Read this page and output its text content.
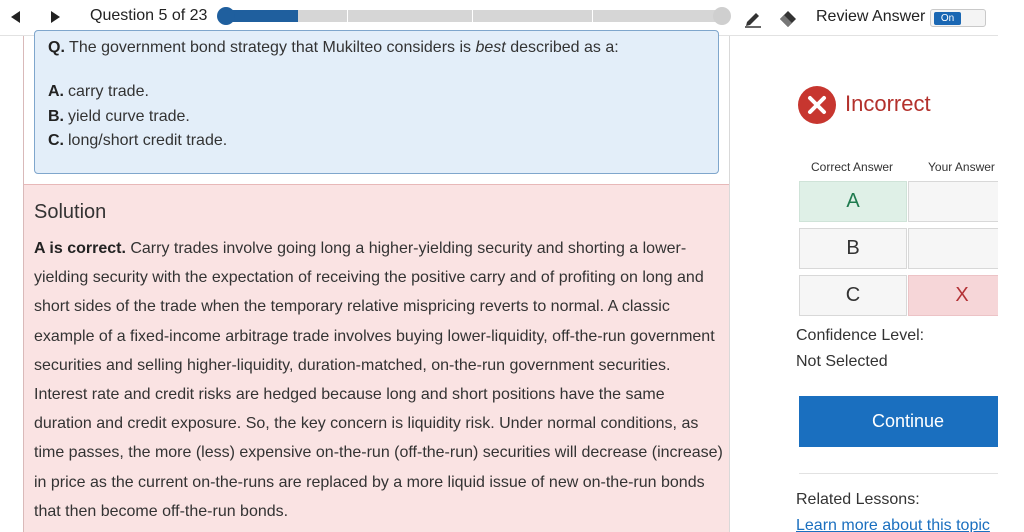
Question 5 of 23	Review Answer	On
Q. The government bond strategy that Mukilteo considers is best described as a:
A. carry trade.
B. yield curve trade.
C. long/short credit trade.
Solution
A is correct. Carry trades involve going long a higher-yielding security and shorting a lower-yielding security with the expectation of receiving the positive carry and of profiting on long and short sides of the trade when the temporary relative mispricing reverts to normal. A classic example of a fixed-income arbitrage trade involves buying lower-liquidity, off-the-run government securities and selling higher-liquidity, duration-matched, on-the-run government securities. Interest rate and credit risks are hedged because long and short positions have the same duration and credit exposure. So, the key concern is liquidity risk. Under normal conditions, as time passes, the more (less) expensive on-the-run (off-the-run) securities will decrease (increase) in price as the current on-the-runs are replaced by a more liquid issue of new on-the-run bonds that then become off-the-run bonds.
Incorrect
Correct Answer	Your Answer
A
B
C	X
Confidence Level:
Not Selected
Continue
Related Lessons:
Learn more about this topic
